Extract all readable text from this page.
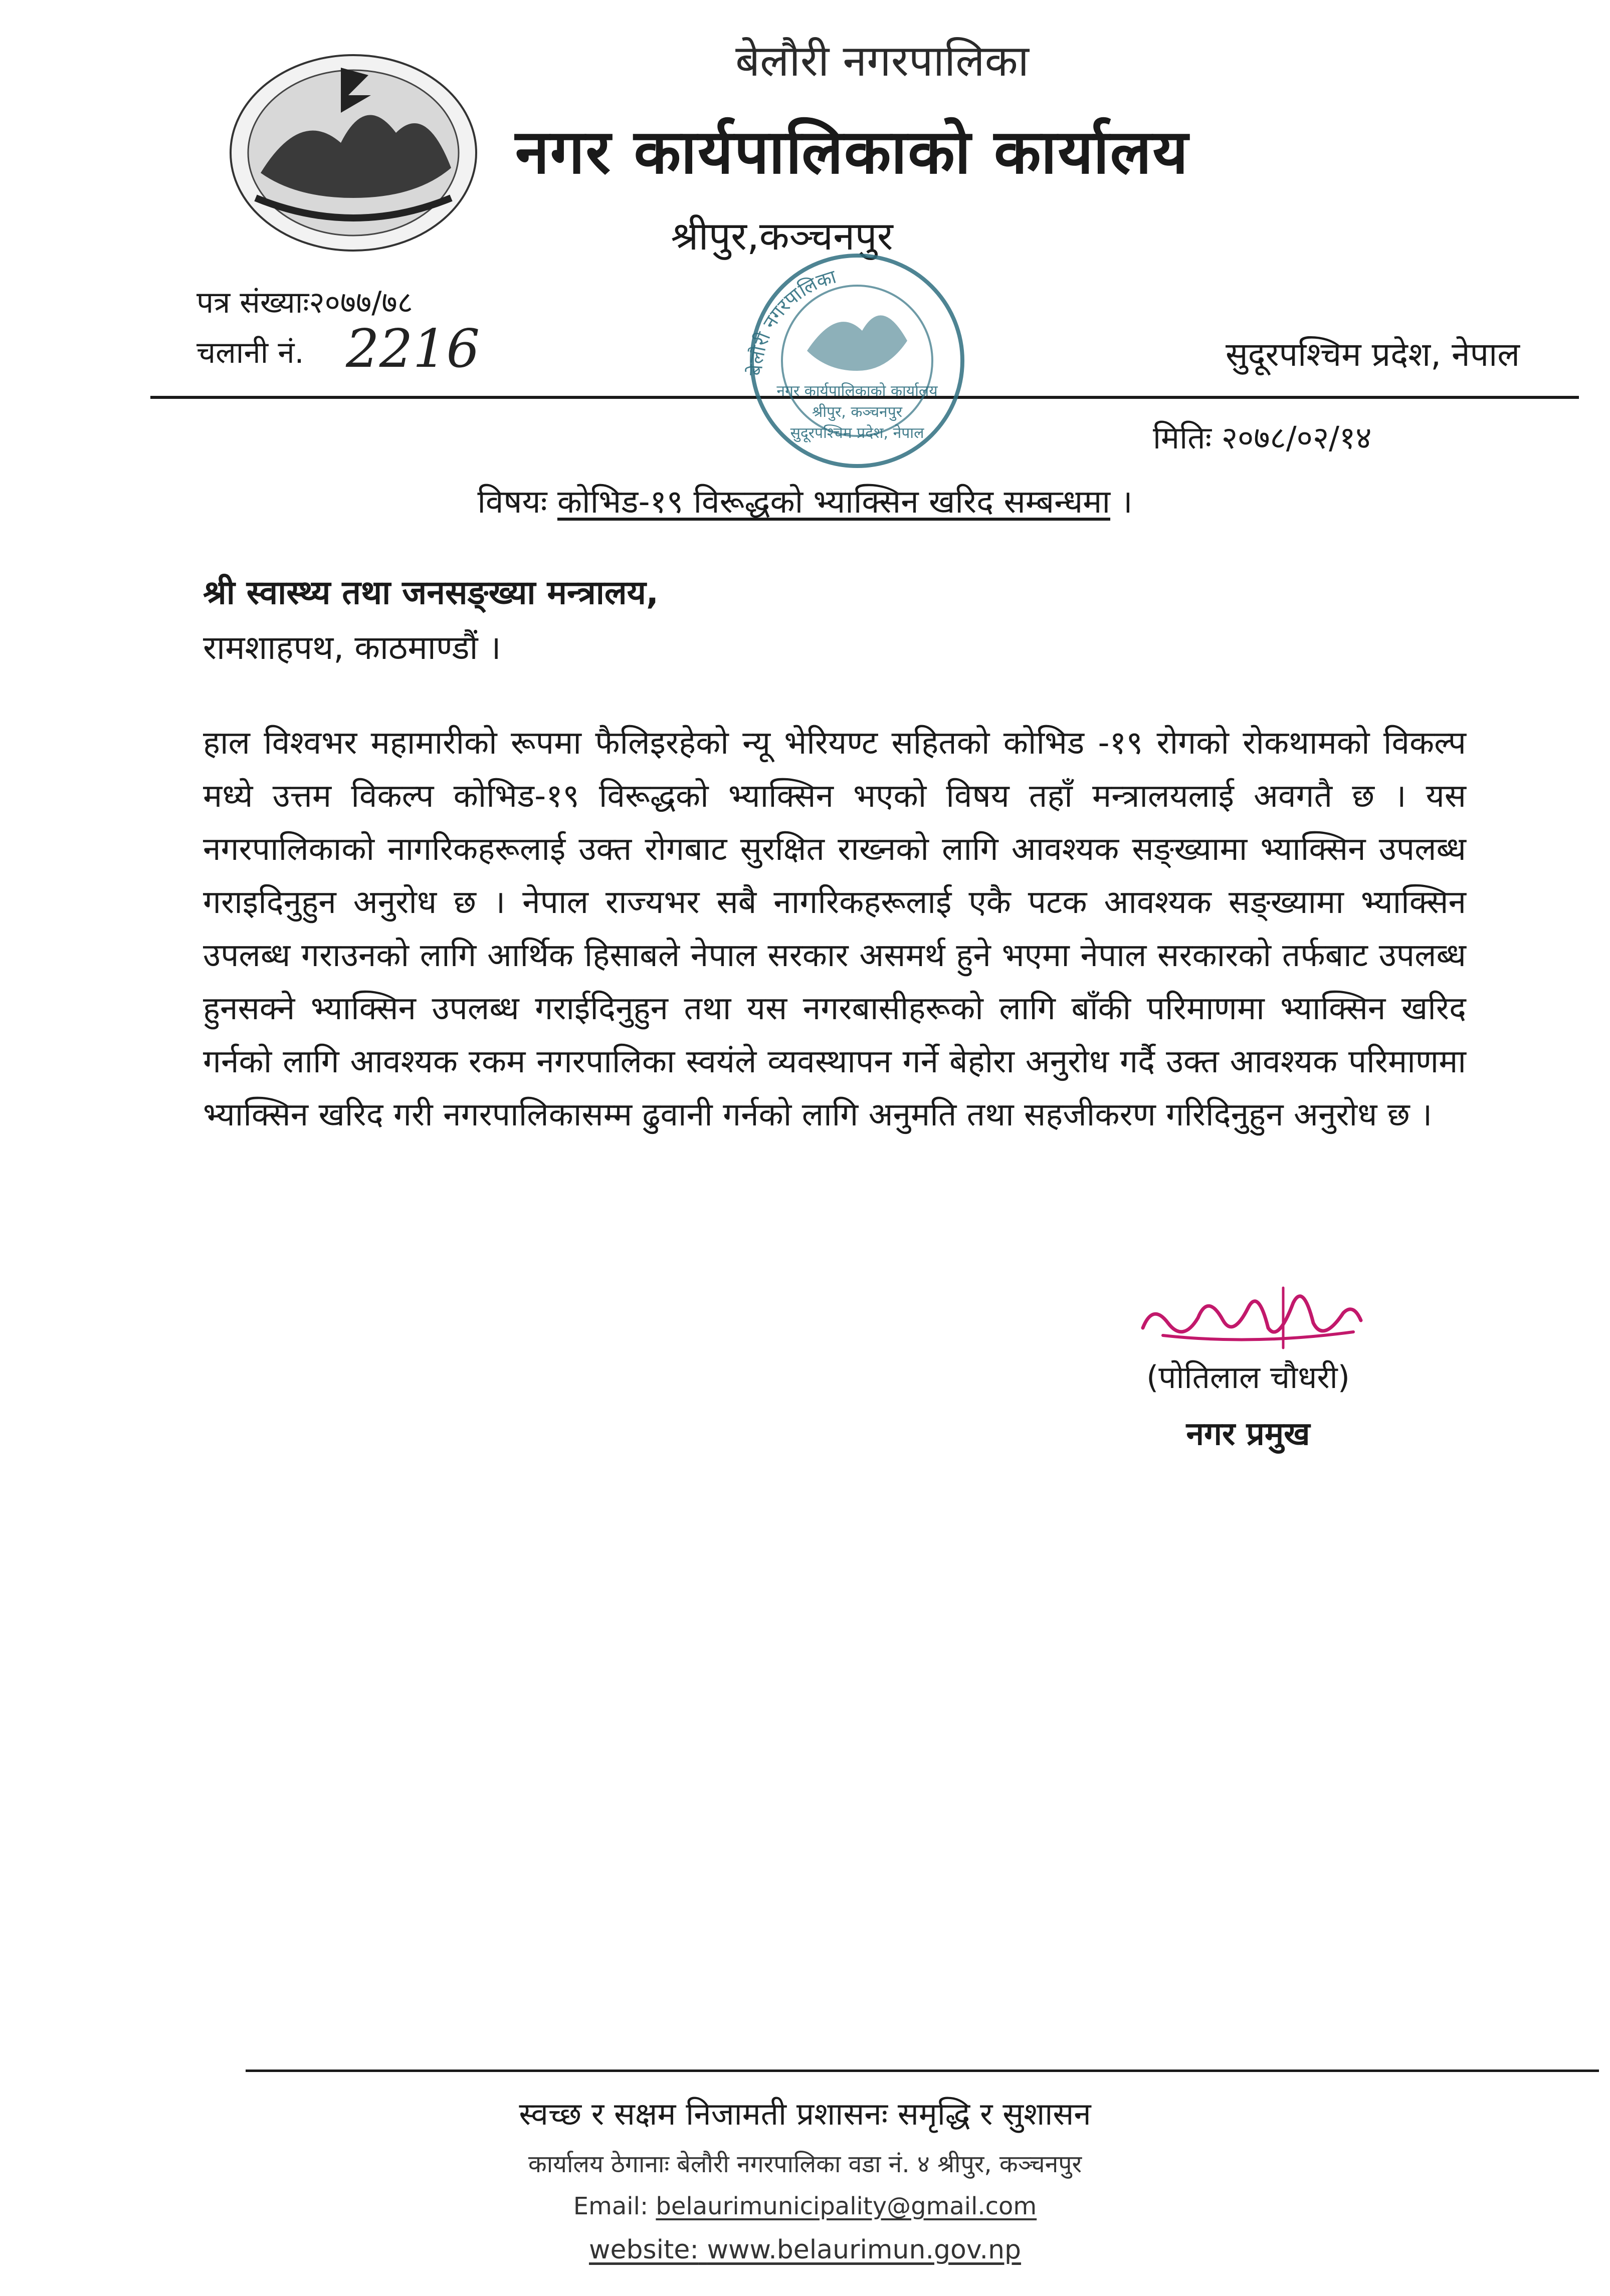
बेलौरी नगरपालिका
नगर कार्यपालिकाको कार्यालय
श्रीपुर,कञ्चनपुर
पत्र संख्याः२०७७/७८
चलानी नं. 2216	सुदूरपश्चिम प्रदेश, नेपाल
बेलौरी नगरपालिका
नगर कार्यपालिकाको कार्यालय
श्रीपुर, कञ्चनपुर
सुदूरपश्चिम प्रदेश, नेपाल	मितिः २०७८/०२/१४
विषयः कोभिड-१९ विरूद्धको भ्याक्सिन खरिद सम्बन्धमा ।
श्री स्वास्थ्य तथा जनसङ्ख्या मन्त्रालय,
रामशाहपथ, काठमाण्डौं ।
हाल विश्वभर महामारीको रूपमा फैलिइरहेको न्यू भेरियण्ट सहितको कोभिड -१९ रोगको रोकथामको विकल्प मध्ये उत्तम विकल्प कोभिड-१९ विरूद्धको भ्याक्सिन भएको विषय तहाँ मन्त्रालयलाई अवगतै छ । यस नगरपालिकाको नागरिकहरूलाई उक्त रोगबाट सुरक्षित राख्नको लागि आवश्यक सङ्ख्यामा भ्याक्सिन उपलब्ध गराइदिनुहुन अनुरोध छ । नेपाल राज्यभर सबै नागरिकहरूलाई एकै पटक आवश्यक सङ्ख्यामा भ्याक्सिन उपलब्ध गराउनको लागि आर्थिक हिसाबले नेपाल सरकार असमर्थ हुने भएमा नेपाल सरकारको तर्फबाट उपलब्ध हुनसक्ने भ्याक्सिन उपलब्ध गराईदिनुहुन तथा यस नगरबासीहरूको लागि बाँकी परिमाणमा भ्याक्सिन खरिद गर्नको लागि आवश्यक रकम नगरपालिका स्वयंले व्यवस्थापन गर्ने बेहोरा अनुरोध गर्दै उक्त आवश्यक परिमाणमा भ्याक्सिन खरिद गरी नगरपालिकासम्म ढुवानी गर्नको लागि अनुमति तथा सहजीकरण गरिदिनुहुन अनुरोध छ ।
(पोतिलाल चौधरी)
नगर प्रमुख
स्वच्छ र सक्षम निजामती प्रशासनः समृद्धि र सुशासन
कार्यालय ठेगानाः बेलौरी नगरपालिका वडा नं. ४ श्रीपुर, कञ्चनपुर
Email: belaurimunicipality@gmail.com
website: www.belaurimun.gov.np
